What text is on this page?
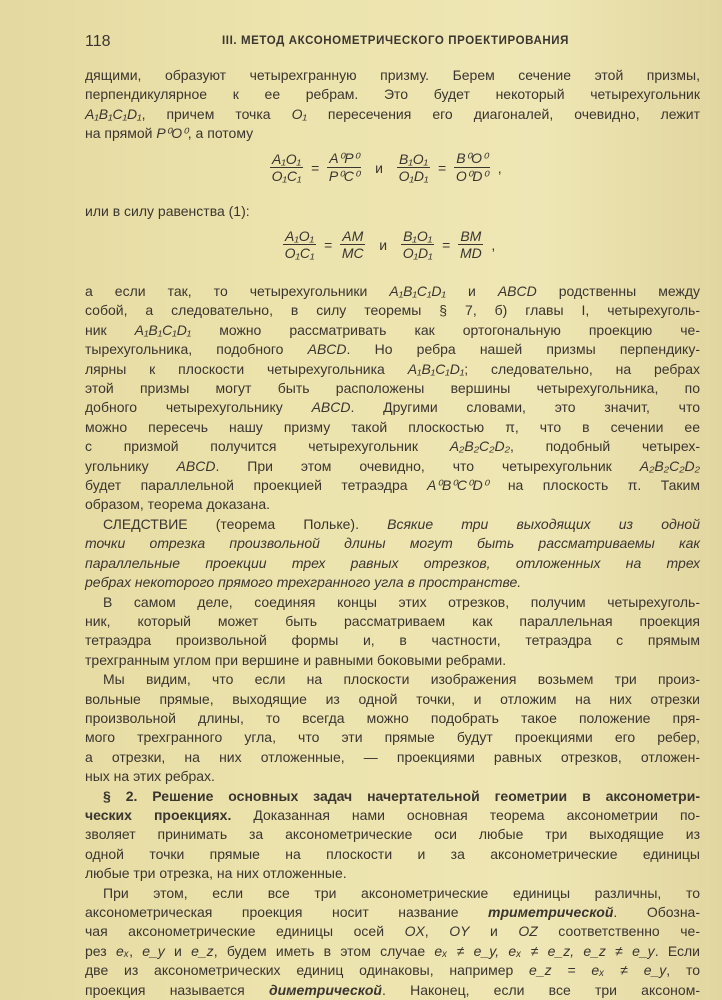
118	III. МЕТОД АКСОНОМЕТРИЧЕСКОГО ПРОЕКТИРОВАНИЯ
дящими, образуют четырехгранную призму. Берем сечение этой призмы,
перпендикулярное к ее ребрам. Это будет некоторый четырехугольник
A₁B₁C₁D₁, причем точка O₁ пересечения его диагоналей, очевидно, лежит
на прямой P⁰O⁰, а потому
$\frac{\text{A₁O₁}}{\text{O₁C₁}} = \frac{\text{A⁰P⁰}}{\text{P⁰C⁰}}$ и $\frac{\text{B₁O₁}}{\text{O₁D₁}} = \frac{\text{B⁰O⁰}}{\text{O⁰D⁰}}$ ,
или в силу равенства (1):
$\frac{\text{A₁O₁}}{\text{O₁C₁}} = \frac{AM}{MC}$ и $\frac{\text{B₁O₁}}{\text{O₁D₁}} = \frac{BM}{MD}$ ,
а если так, то четырехугольники A₁B₁C₁D₁ и ABCD родственны между
собой, а следовательно, в силу теоремы § 7, б) главы I, четырехуголь-
ник A₁B₁C₁D₁ можно рассматривать как ортогональную проекцию че-
тырехугольника, подобного ABCD. Но ребра нашей призмы перпендику-
лярны к плоскости четырехугольника A₁B₁C₁D₁; следовательно, на ребрах
этой призмы могут быть расположены вершины четырехугольника, по
добного четырехугольнику ABCD. Другими словами, это значит, что
можно пересечь нашу призму такой плоскостью π, что в сечении ее
с призмой получится четырехугольник A₂B₂C₂D₂, подобный четырех-
угольнику ABCD. При этом очевидно, что четырехугольник A₂B₂C₂D₂
будет параллельной проекцией тетраэдра A⁰B⁰C⁰D⁰ на плоскость π. Таким
образом, теорема доказана.
СЛЕДСТВИЕ (теорема Польке). Всякие три выходящих из одной
точки отрезка произвольной длины могут быть рассматриваемы как
параллельные проекции трех равных отрезков, отложенных на трех
ребрах некоторого прямого трехгранного угла в пространстве.
В самом деле, соединяя концы этих отрезков, получим четырехуголь-
ник, который может быть рассматриваем как параллельная проекция
тетраэдра произвольной формы и, в частности, тетраэдра с прямым
трехгранным углом при вершине и равными боковыми ребрами.
Мы видим, что если на плоскости изображения возьмем три произ-
вольные прямые, выходящие из одной точки, и отложим на них отрезки
произвольной длины, то всегда можно подобрать такое положение пря-
мого трехгранного угла, что эти прямые будут проекциями его ребер,
а отрезки, на них отложенные, — проекциями равных отрезков, отложен-
ных на этих ребрах.
§ 2. Решение основных задач начертательной геометрии в аксонометри-
ческих проекциях. Доказанная нами основная теорема аксонометрии по-
зволяет принимать за аксонометрические оси любые три выходящие из
одной точки прямые на плоскости и за аксонометрические единицы
любые три отрезка, на них отложенные.
При этом, если все три аксонометрические единицы различны, то
аксонометрическая проекция носит название триметрической. Обозна-
чая аксонометрические единицы осей OX, OY и OZ соответственно че-
рез eₓ, e_y и e_z, будем иметь в этом случае eₓ ≠ e_y, eₓ ≠ e_z, e_z ≠ e_y. Если
две из аксонометрических единиц одинаковы, например e_z = eₓ ≠ e_y, то
проекция называется диметрической. Наконец, если все три аксоном-
